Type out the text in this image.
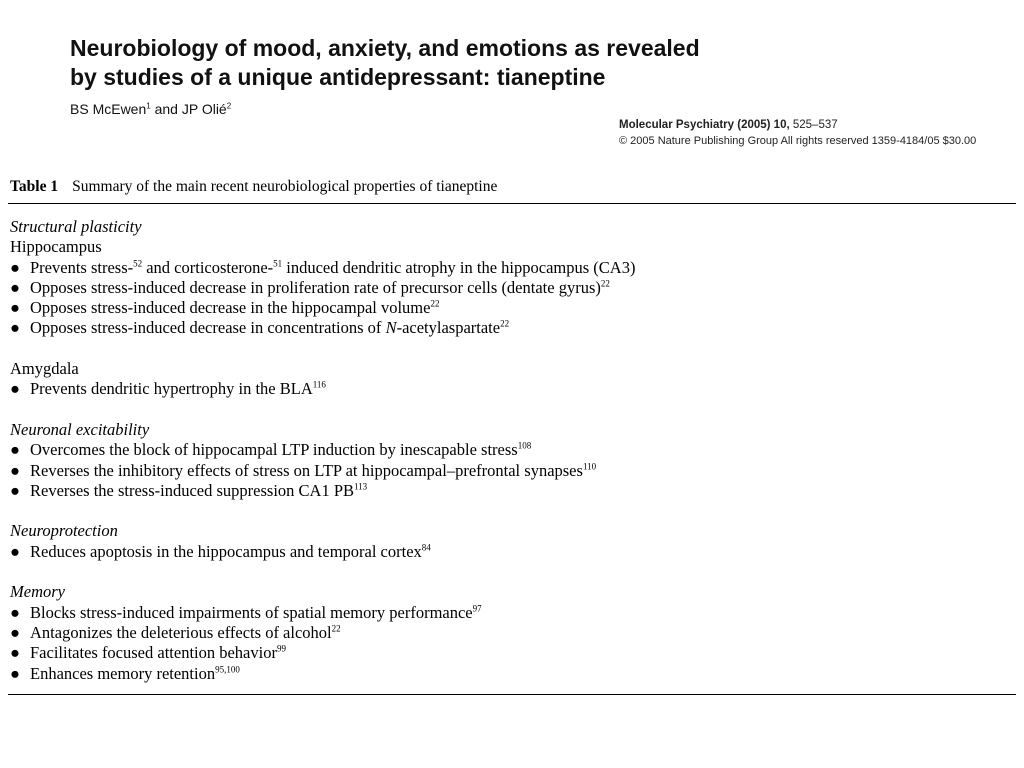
Neurobiology of mood, anxiety, and emotions as revealed
by studies of a unique antidepressant: tianeptine
BS McEwen$^1$ and JP Olié$^2$
Molecular Psychiatry (2005) 10, 525–537
© 2005 Nature Publishing Group All rights reserved 1359-4184/05 $30.00
Table 1 Summary of the main recent neurobiological properties of tianeptine
Structural plasticity
Hippocampus
● Prevents stress-$^{52}$ and corticosterone-$^{51}$ induced dendritic atrophy in the hippocampus (CA3)
● Opposes stress-induced decrease in proliferation rate of precursor cells (dentate gyrus)$^{22}$
● Opposes stress-induced decrease in the hippocampal volume$^{22}$
● Opposes stress-induced decrease in concentrations of N-acetylaspartate$^{22}$
Amygdala
● Prevents dendritic hypertrophy in the BLA$^{116}$
Neuronal excitability
● Overcomes the block of hippocampal LTP induction by inescapable stress$^{108}$
● Reverses the inhibitory effects of stress on LTP at hippocampal–prefrontal synapses$^{110}$
● Reverses the stress-induced suppression CA1 PB$^{113}$
Neuroprotection
● Reduces apoptosis in the hippocampus and temporal cortex$^{84}$
Memory
● Blocks stress-induced impairments of spatial memory performance$^{97}$
● Antagonizes the deleterious effects of alcohol$^{22}$
● Facilitates focused attention behavior$^{99}$
● Enhances memory retention$^{95,100}$
